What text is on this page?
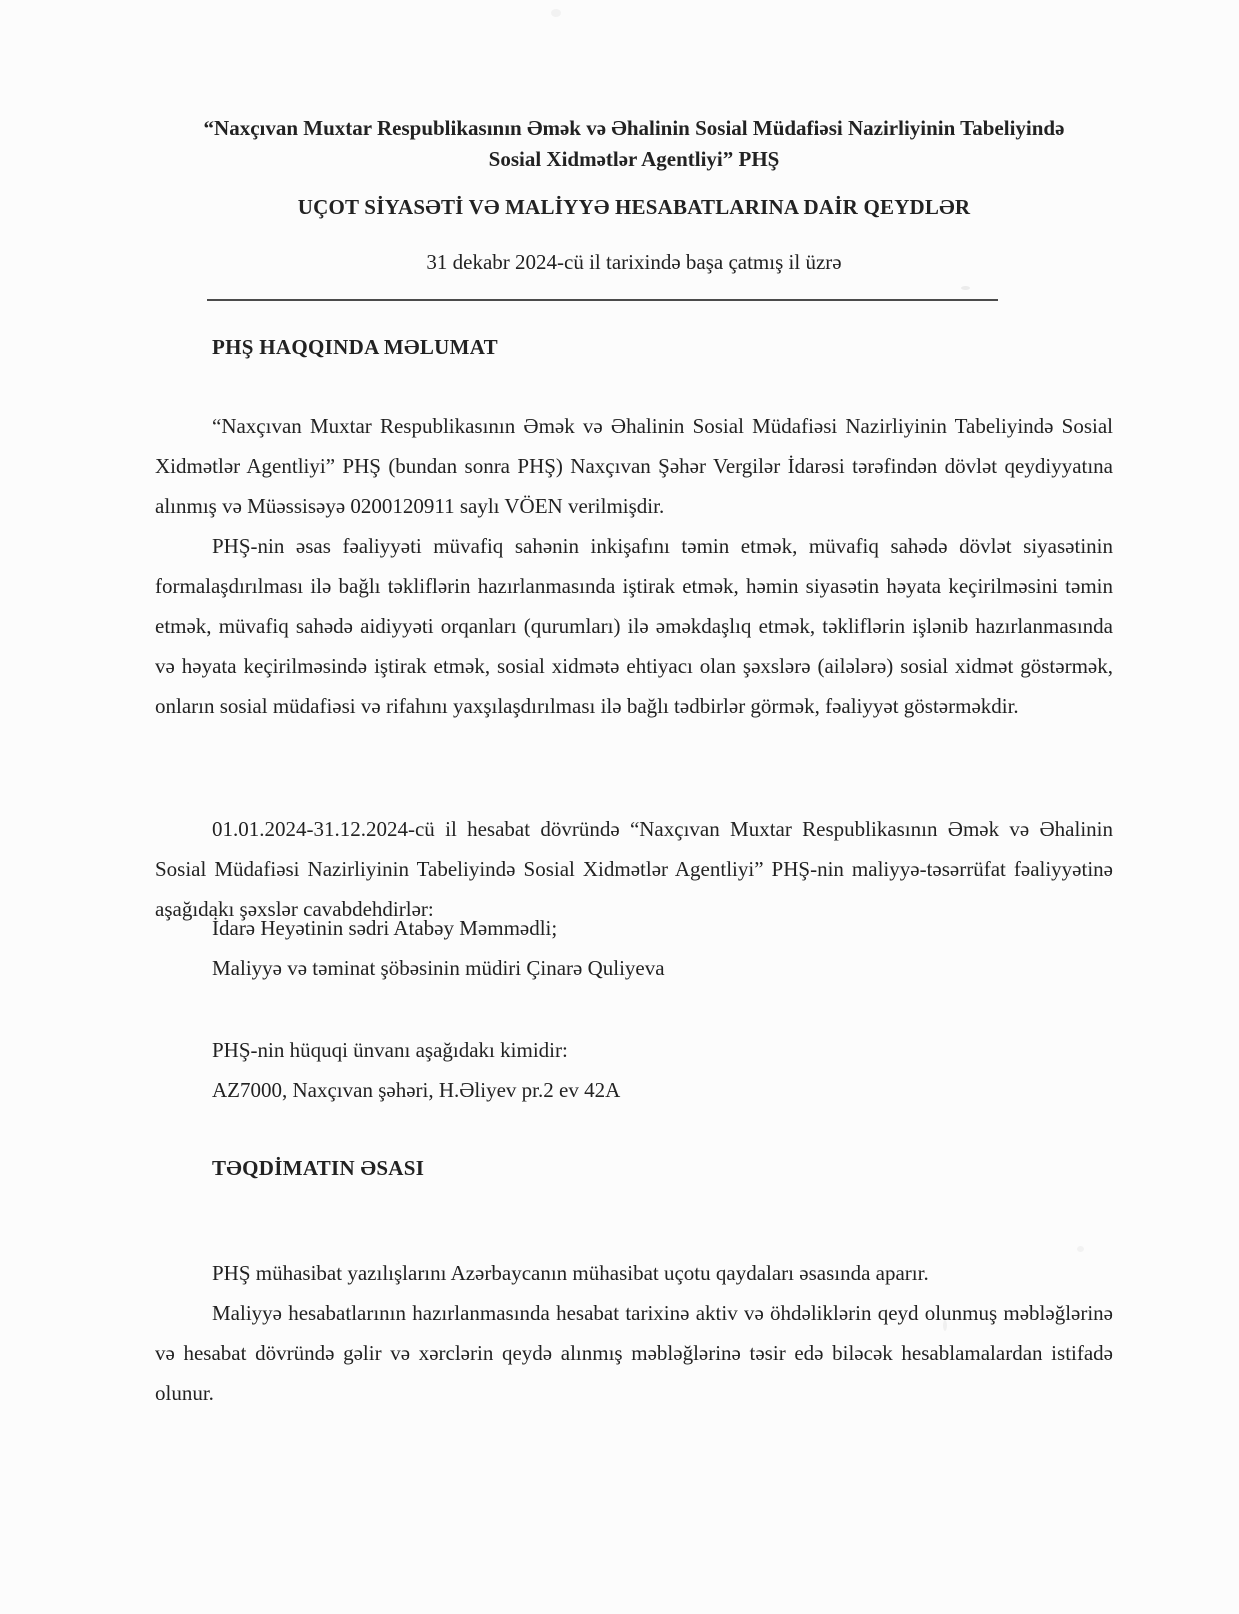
“Naxçıvan Muxtar Respublikasının Əmək və Əhalinin Sosial Müdafiəsi Nazirliyinin Tabeliyində
Sosial Xidmətlər Agentliyi” PHŞ
UÇOT SİYASƏTİ VƏ MALİYYƏ HESABATLARINA DAİR QEYDLƏR
31 dekabr 2024-cü il tarixində başa çatmış il üzrə
PHŞ HAQQINDA MƏLUMAT

“Naxçıvan Muxtar Respublikasının Əmək və Əhalinin Sosial Müdafiəsi Nazirliyinin Tabeliyində Sosial Xidmətlər Agentliyi” PHŞ (bundan sonra PHŞ) Naxçıvan Şəhər Vergilər İdarəsi tərəfindən dövlət qeydiyyatına alınmış və Müəssisəyə 0200120911 saylı VÖEN verilmişdir.

PHŞ-nin əsas fəaliyyəti müvafiq sahənin inkişafını təmin etmək, müvafiq sahədə dövlət siyasətinin formalaşdırılması ilə bağlı təkliflərin hazırlanmasında iştirak etmək, həmin siyasətin həyata keçirilməsini təmin etmək, müvafiq sahədə aidiyyəti orqanları (qurumları) ilə əməkdaşlıq etmək, təkliflərin işlənib hazırlanmasında və həyata keçirilməsində iştirak etmək, sosial xidmətə ehtiyacı olan şəxslərə (ailələrə) sosial xidmət göstərmək, onların sosial müdafiəsi və rifahını yaxşılaşdırılması ilə bağlı tədbirlər görmək, fəaliyyət göstərməkdir.

01.01.2024-31.12.2024-cü il hesabat dövründə “Naxçıvan Muxtar Respublikasının Əmək və Əhalinin Sosial Müdafiəsi Nazirliyinin Tabeliyində Sosial Xidmətlər Agentliyi” PHŞ-nin maliyyə-təsərrüfat fəaliyyətinə aşağıdakı şəxslər cavabdehdirlər:

İdarə Heyətinin sədri Atabəy Məmmədli;
Maliyyə və təminat şöbəsinin müdiri Çinarə Quliyeva
PHŞ-nin hüquqi ünvanı aşağıdakı kimidir:
AZ7000, Naxçıvan şəhəri, H.Əliyev pr.2 ev 42A
TƏQDİMATIN ƏSASI

PHŞ mühasibat yazılışlarını Azərbaycanın mühasibat uçotu qaydaları əsasında aparır.

Maliyyə hesabatlarının hazırlanmasında hesabat tarixinə aktiv və öhdəliklərin qeyd olunmuş məbləğlərinə və hesabat dövründə gəlir və xərclərin qeydə alınmış məbləğlərinə təsir edə biləcək hesablamalardan istifadə olunur.
